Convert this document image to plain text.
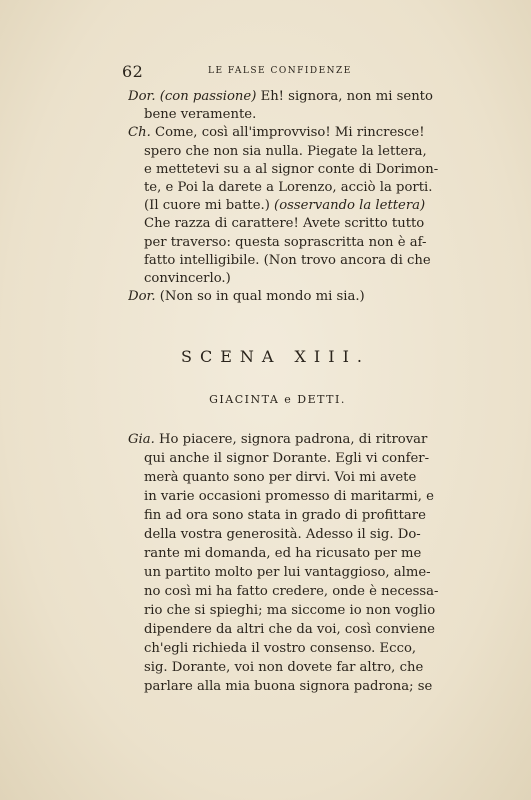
62	LE FALSE CONFIDENZE
Dor. (con passione) Eh! signora, non mi sento
bene veramente.
Ch. Come, così all'improvviso! Mi rincresce!
spero che non sia nulla. Piegate la lettera,
e mettetevi su a al signor conte di Dorimon-
te, e Poi la darete a Lorenzo, acciò la porti.
(Il cuore mi batte.) (osservando la lettera)
Che razza di carattere! Avete scritto tutto
per traverso: questa soprascritta non è af-
fatto intelligibile. (Non trovo ancora di che
convincerlo.)
Dor. (Non so in qual mondo mi sia.)
SCENA XIII.
GIACINTA e DETTI.
Gia. Ho piacere, signora padrona, di ritrovar
qui anche il signor Dorante. Egli vi confer-
merà quanto sono per dirvi. Voi mi avete
in varie occasioni promesso di maritarmi, e
fin ad ora sono stata in grado di profittare
della vostra generosità. Adesso il sig. Do-
rante mi domanda, ed ha ricusato per me
un partito molto per lui vantaggioso, alme-
no così mi ha fatto credere, onde è necessa-
rio che si spieghi; ma siccome io non voglio
dipendere da altri che da voi, così conviene
ch'egli richieda il vostro consenso. Ecco,
sig. Dorante, voi non dovete far altro, che
parlare alla mia buona signora padrona; se
